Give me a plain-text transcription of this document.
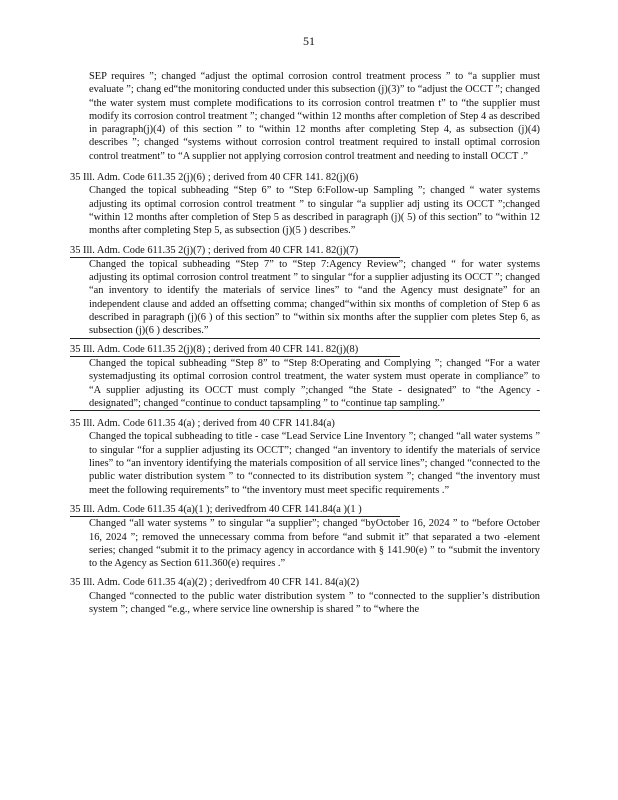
51

SEP requires ”; changed “adjust the optimal corrosion control treatment process ” to “a supplier must evaluate ”; chang ed“the monitoring conducted under this subsection (j)(3)” to “adjust the OCCT ”; changed “the water system must complete modifications to its corrosion control treatmen t” to “the supplier must modify its corrosion control treatment ”; changed “within 12 months after completion of Step 4 as described in paragraph(j)(4) of this section ” to “within 12 months after completing Step 4, as subsection (j)(4) describes ”; changed “systems without corrosion control treatment required to install optimal corrosion control treatment” to “A supplier not applying corrosion control treatment and needing to install OCCT .”

35 Ill. Adm. Code 611.35 2(j)(6) ; derived from 40 CFR 141. 82(j)(6)

Changed the topical subheading “Step 6” to “Step 6:Follow-up Sampling ”; changed “ water systems adjusting its optimal corrosion control treatment ” to singular “a supplier adj usting its OCCT ”;changed “within 12 months after completion of Step 5 as described in paragraph (j)( 5) of this section” to “within 12 months after completing Step 5, as subsection (j)(5 ) describes.”

35 Ill. Adm. Code 611.35 2(j)(7) ; derived from 40 CFR 141. 82(j)(7)

Changed the topical subheading “Step 7” to “Step 7:Agency Review”; changed “ for water systems adjusting its optimal corrosion control treatment ” to singular “for a supplier adjusting its OCCT ”; changed “an inventory to identify the materials of service lines” to “and the Agency must designate” for an independent clause and added an offsetting comma; changed“within six months of completion of Step 6 as described in paragraph (j)(6 ) of this section” to “within six months after the supplier com pletes Step 6, as subsection (j)(6 ) describes.”

35 Ill. Adm. Code 611.35 2(j)(8) ; derived from 40 CFR 141. 82(j)(8)

Changed the topical subheading “Step 8” to “Step 8:Operating and Complying ”; changed “For a water systemadjusting its optimal corrosion control treatment, the water system must operate in compliance” to “A supplier adjusting its OCCT must comply ”;changed “the State - designated” to “the Agency -designated”; changed “continue to conduct tapsampling ” to “continue tap sampling.”

35 Ill. Adm. Code 611.35 4(a) ; derived from 40 CFR 141.84(a)

Changed the topical subheading to title - case “Lead Service Line Inventory ”; changed “all water systems ” to singular “for a supplier adjusting its OCCT”; changed “an inventory to identify the materials of service lines” to “an inventory identifying the materials composition of all service lines”; changed “connected to the public water distribution system ” to “connected to its distribution system ”; changed “the inventory must meet the following requirements” to “the inventory must meet specific requirements .”

35 Ill. Adm. Code 611.35 4(a)(1 ); derivedfrom 40 CFR 141.84(a )(1 )

Changed “all water systems ” to singular “a supplier”; changed “byOctober 16, 2024 ” to “before October 16, 2024 ”; removed the unnecessary comma from before “and submit it” that separated a two -element series; changed “submit it to the primacy agency in accordance with § 141.90(e) ” to “submit the inventory to the Agency as Section 611.360(e) requires .”

35 Ill. Adm. Code 611.35 4(a)(2) ; derivedfrom 40 CFR 141. 84(a)(2)

Changed “connected to the public water distribution system ” to “connected to the supplier’s distribution system ”; changed “e.g., where service line ownership is shared ” to “where the
